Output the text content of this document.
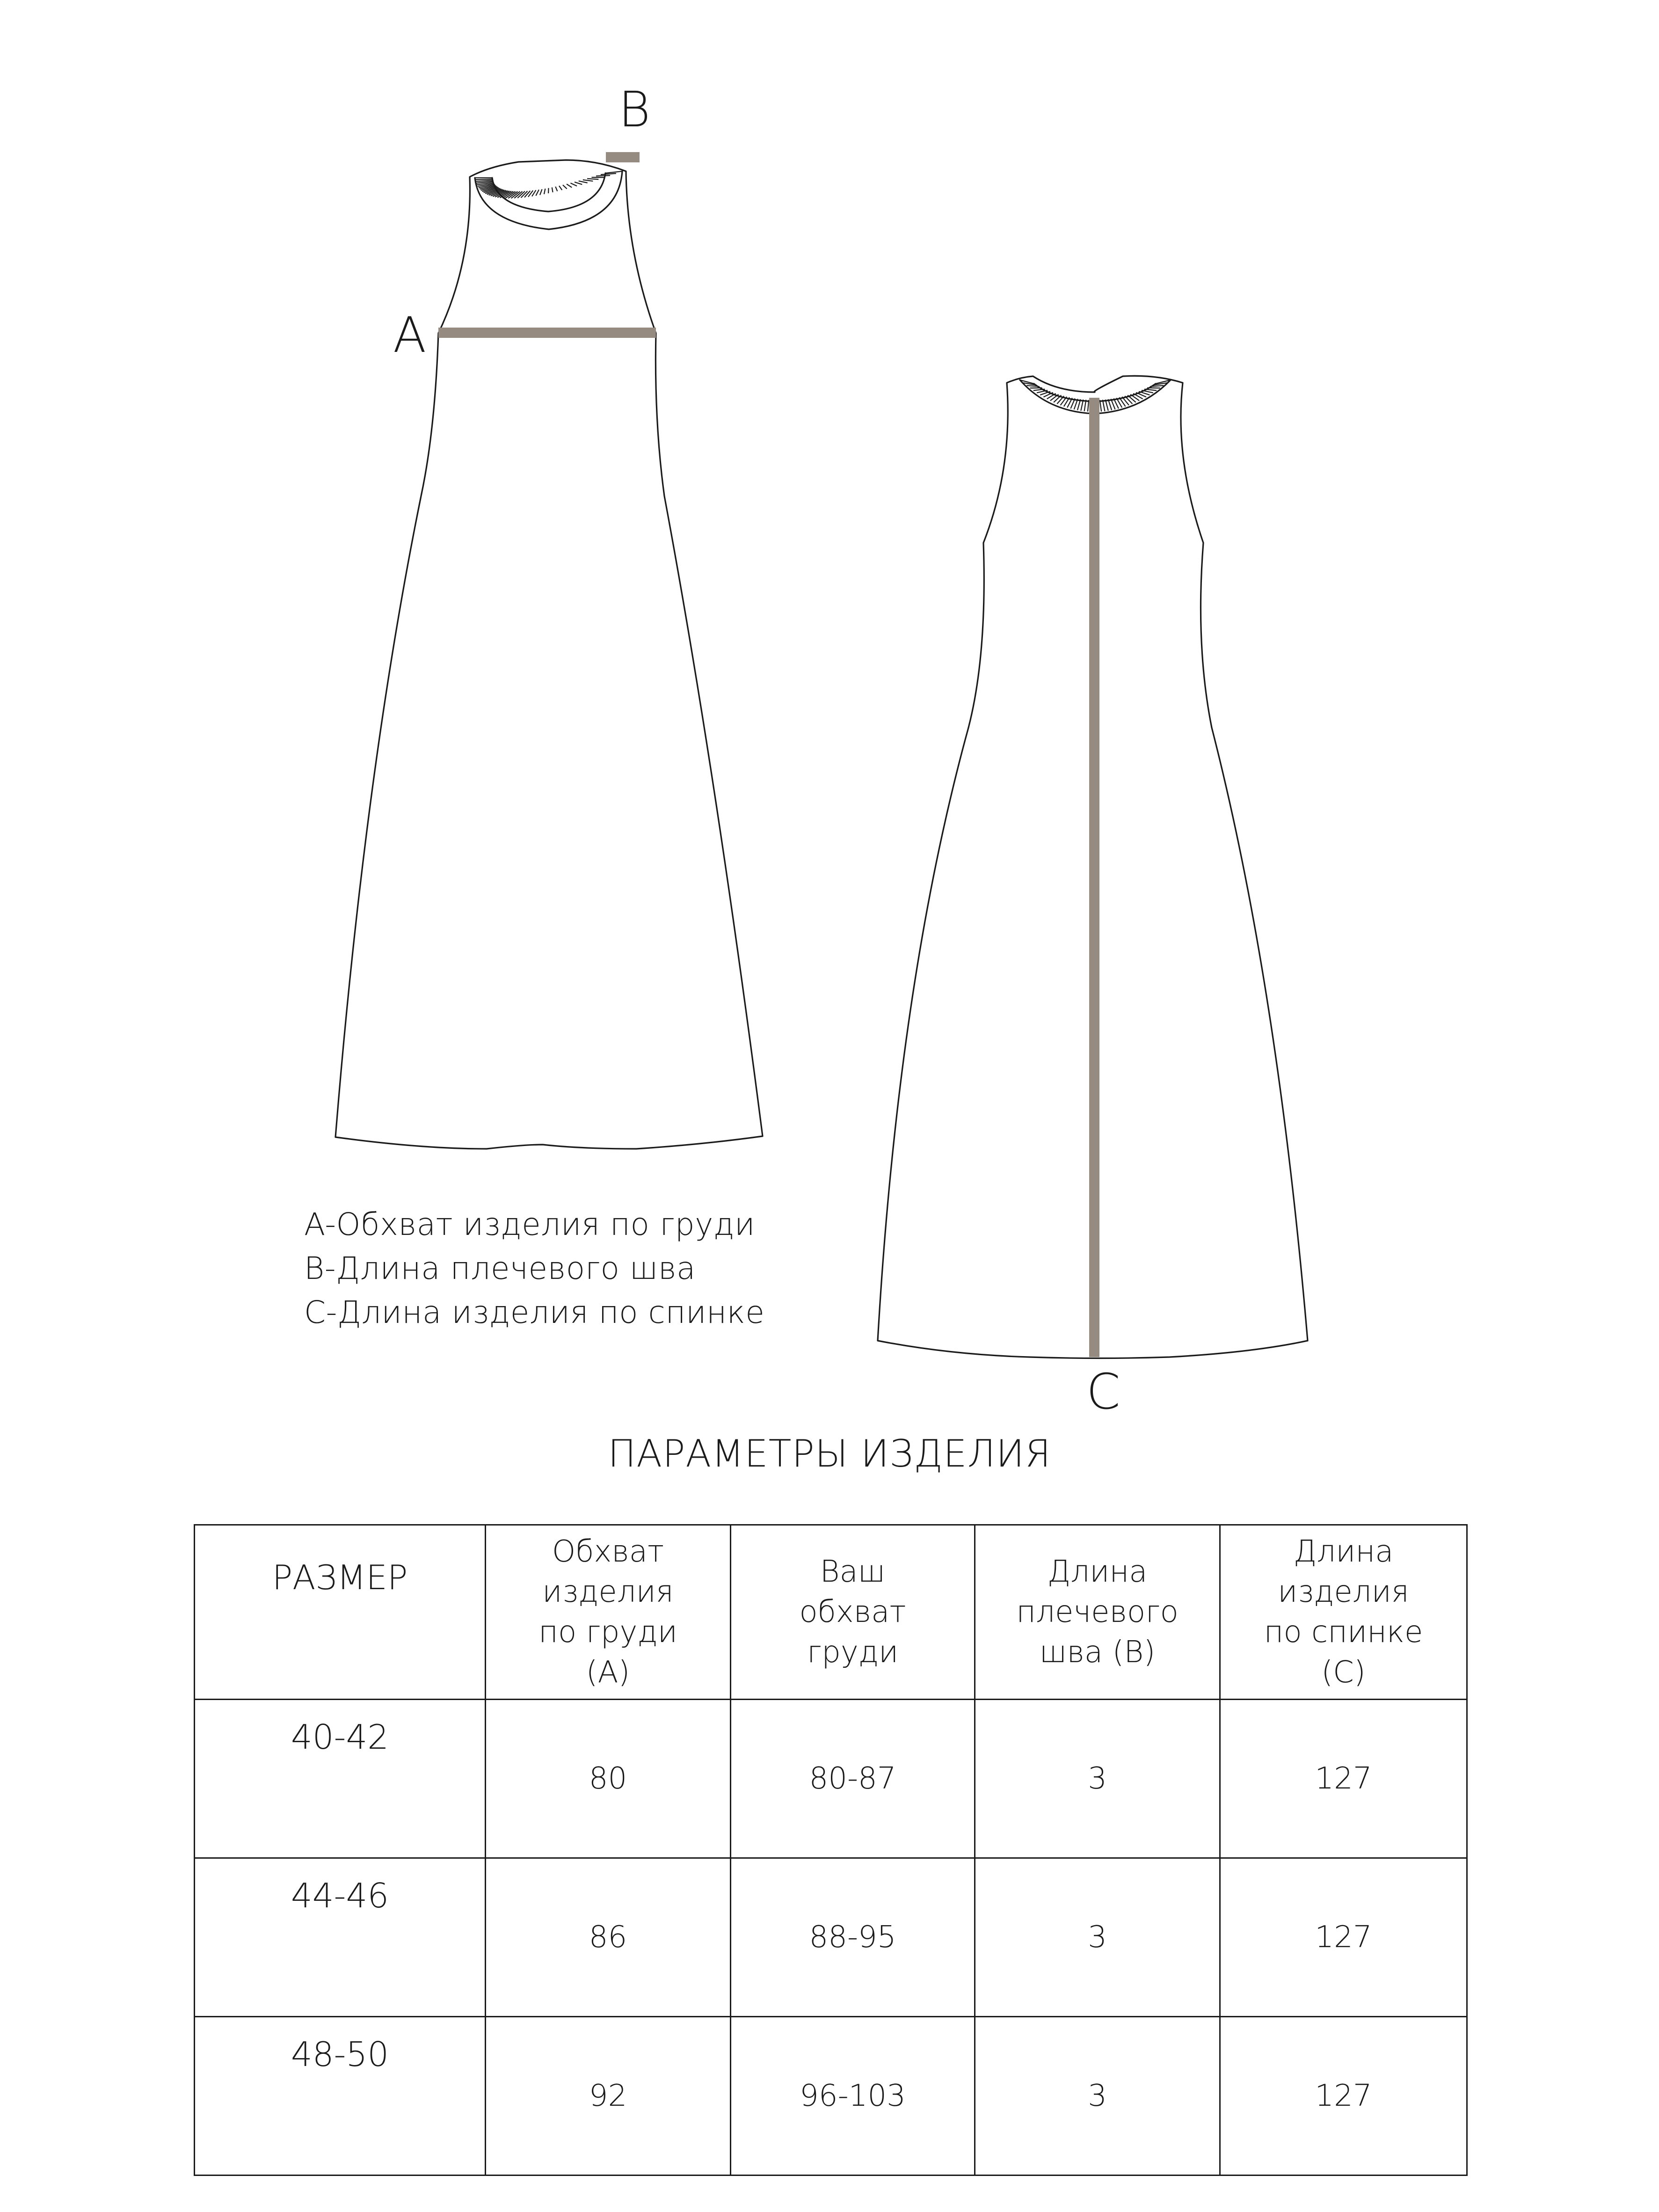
A
B
C
A-Обхват изделия по груди
B-Длина плечевого шва
C-Длина изделия по спинке
ПАРАМЕТРЫ ИЗДЕЛИЯ
РАЗМЕР	Обхват изделия по груди (А)	Ваш обхват груди	Длина плечевого шва (В)	Длина изделия по спинке (С)

40-42	80	80-87	3	127
44-46	86	88-95	3	127
48-50	92	96-103	3	127
